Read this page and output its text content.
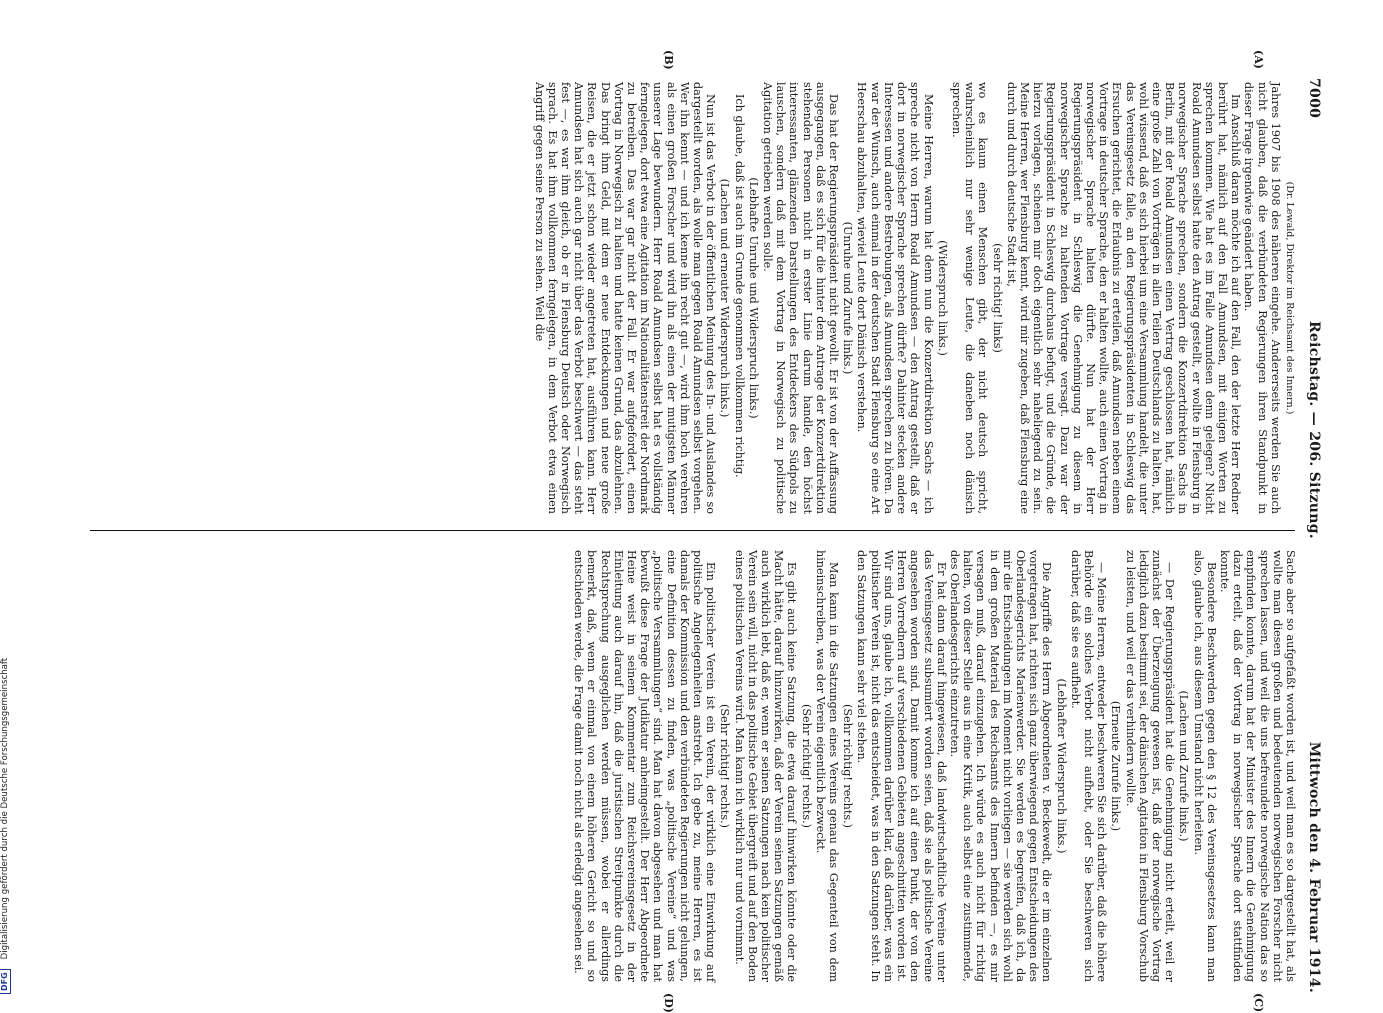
DFG
Digitalisierung gefördert durch die Deutsche Forschungsgemeinschaft
7000
Reichstag. — 206. Sitzung.
Mittwoch den 4. Februar 1914.
(A)
(B)
(C)
(D)

(Dr. Lewald, Direktor im Reichsamt des Innern.)

Jahres 1907 bis 1908 des näheren eingehe. Andererseits werden Sie auch nicht glauben, daß die verbündeten Regierungen ihren Standpunkt in dieser Frage irgendwie geändert haben.

Im Anschluß daran möchte ich auf den Fall, den der letzte Herr Redner berührt hat, nämlich auf den Fall Amundsen, mit einigen Worten zu sprechen kommen. Wie hat es im Falle Amundsen denn gelegen? Nicht Roald Amundsen selbst hatte den Antrag gestellt, er wollte in Flensburg in norwegischer Sprache sprechen, sondern die Konzertdirektion Sachs in Berlin, mit der Roald Amundsen einen Vertrag geschlossen hat, nämlich eine große Zahl von Vorträgen in allen Teilen Deutschlands zu halten, hat, wohl wissend, daß es sich hierbei um eine Versammlung handelt, die unter das Vereinsgesetz falle, an den Regierungspräsidenten in Schleswig das Ersuchen gerichtet, die Erlaubnis zu erteilen, daß Amundsen neben einem Vortrage in deutscher Sprache, den er halten wollte, auch einen Vortrag in norwegischer Sprache halten dürfte. Nun hat der Herr Regierungspräsident in Schleswig die Genehmigung zu diesem in norwegischer Sprache zu haltenden Vortrage versagt. Dazu war der Regierungspräsident in Schleswig durchaus befugt, und die Gründe, die hierzu vorlagen, scheinen mir doch eigentlich sehr naheliegend zu sein. Meine Herren, wer Flensburg kennt, wird mir zugeben, daß Flensburg eine durch und durch deutsche Stadt ist,

(sehr richtig! links)

wo es kaum einen Menschen gibt, der nicht deutsch spricht, wahrscheinlich nur sehr wenige Leute, die daneben noch dänisch sprechen.

(Widerspruch links.)

Meine Herren, warum hat denn nun die Konzertdirektion Sachs — ich spreche nicht von Herrn Roald Amundsen — den Antrag gestellt, daß er dort in norwegischer Sprache sprechen dürfte? Dahinter stecken andere Interessen und andere Bestrebungen, als Amundsen sprechen zu hören. Da war der Wunsch, auch einmal in der deutschen Stadt Flensburg so eine Art Heerschau abzuhalten, wieviel Leute dort Dänisch verstehen.

(Unruhe und Zurufe links.)

Das hat der Regierungspräsident nicht gewollt. Er ist von der Auffassung ausgegangen, daß es sich für die hinter dem Antrage der Konzertdirektion stehenden Personen nicht in erster Linie darum handle, den höchst interessanten, glänzenden Darstellungen des Entdeckers des Südpols zu lauschen, sondern daß mit dem Vortrag in Norwegisch zu politische Agitation getrieben werden solle.

(Lebhafte Unruhe und Widerspruch links.)

Ich glaube, daß ist auch im Grunde genommen vollkommen richtig.

(Lachen und erneuter Widerspruch links.)

Nun ist das Verbot in der öffentlichen Meinung des In- und Auslandes so dargestellt worden, als wolle man gegen Roald Amundsen selbst vorgehen. Wer ihn kennt — und ich kenne ihn recht gut —, wird ihm hoch verehren als einen großen Forscher und wird ihn als einen der mutigsten Männer unserer Lage bewundern. Herr Roald Amundsen selbst hat es vollständig ferngelegen, dort etwa eine Agitation im Nationalitätenstreit der Nordmark zu betreiben. Das war gar nicht der Fall. Er war aufgefordert, einen Vortrag in Norwegisch zu halten und hatte keinen Grund, das abzulehnen. Das bringt ihm Geld, mit dem er neue Entdeckungen und neue große Reisen, die er jetzt schon wieder angetreten hat, ausführen kann. Herr Amundsen hat sich auch gar nicht über das Verbot beschwert — das steht fest —, es war ihm gleich, ob er in Flensburg Deutsch oder Norwegisch sprach. Es hat ihm vollkommen ferngelegen, in dem Verbot etwa einen Angriff gegen seine Person zu sehen. Weil die

Sache aber so aufgefaßt worden ist, und weil man es so dargestellt hat, als wollte man diesen großen und bedeutenden norwegischen Forscher nicht sprechen lassen, und weil die uns befreundete norwegische Nation das so empfinden konnte, darum hat der Minister des Innern die Genehmigung dazu erteilt, daß der Vortrag in norwegischer Sprache dort stattfinden konnte.

Besondere Beschwerden gegen den § 12 des Vereinsgesetzes kann man also, glaube ich, aus diesem Umstand nicht herleiten.

(Lachen und Zurufe links.)

— Der Regierungspräsident hat die Genehmigung nicht erteilt, weil er zunächst der Überzeugung gewesen ist, daß der norwegische Vortrag lediglich dazu bestimmt sei, der dänischen Agitation in Flensburg Vorschub zu leisten, und weil er das verhindern wollte.

(Erneute Zurufe links.)

— Meine Herren, entweder beschweren Sie sich darüber, daß die höhere Behörde ein solches Verbot nicht aufhebt, oder Sie beschweren sich darüber, daß sie es aufhebt.

(Lebhafter Widerspruch links.)

Die Angriffe des Herrn Abgeordneten v. Beckewedt, die er im einzelnen vorgetragen hat, richten sich ganz überwiegend gegen Entscheidungen des Oberlandesgerichts Marienwerder. Sie werden es begreifen, daß ich, da mir die Entscheidungen im Moment nicht vorliegen — sie werden sich wohl in dem großen Material des Reichsamts des Innern befinden —, es mir versagen muß, darauf einzugehen. Ich würde es auch nicht für richtig halten, von dieser Stelle aus in eine Kritik, auch selbst eine zustimmende, des Oberlandesgerichts einzutreten.

Er hat dann darauf hingewiesen, daß landwirtschaftliche Vereine unter das Vereinsgesetz subsumiert worden seien, daß sie als politische Vereine angesehen worden sind. Damit komme ich auf einen Punkt, der von den Herren Vorrednern auf verschiedenen Gebieten angeschnitten worden ist. Wir sind uns, glaube ich, vollkommen darüber klar, daß darüber, was ein politischer Verein ist, nicht das entscheidet, was in den Satzungen steht. In den Satzungen kann sehr viel stehen.

(Sehr richtig! rechts.)

Man kann in die Satzungen eines Vereins genau das Gegenteil von dem hineinschreiben, was der Verein eigentlich bezweckt.

(Sehr richtig! rechts.)

Es gibt auch keine Satzung, die etwa darauf hinwirken könnte oder die Macht hätte, darauf hinzuwirken, daß der Verein seinen Satzungen gemäß auch wirklich lebt, daß er, wenn er seinen Satzungen nach kein politischer Verein sein will, nicht in das politische Gebiet übergreift und auf den Boden eines politischen Vereins wird. Man kann ich wirklich nur und vornimmt.

(Sehr richtig! rechts.)

Ein politischer Verein ist ein Verein, der wirklich eine Einwirkung auf politische Angelegenheiten anstrebt. Ich gebe zu, meine Herren, es ist damals der Kommission und den verbündeten Regierungen nicht gelungen, eine Definition dessen zu finden, was „politische Vereine“ und was „politische Versammlungen“ sind. Man hat davon abgesehen und man hat bewußt diese Frage der Judikatur anheimgestellt. Der Herr Abgeordnete Heine weist in seinem Kommentar zum Reichsvereinsgesetz in der Einleitung auch darauf hin, daß die juristischen Streitpunkte durch die Rechtsprechung ausgeglichen werden müssen, wobei er allerdings bemerkt, daß, wenn er einmal von einem höheren Gericht so und so entschieden werde, die Frage damit noch nicht als erledigt angesehen sei.
